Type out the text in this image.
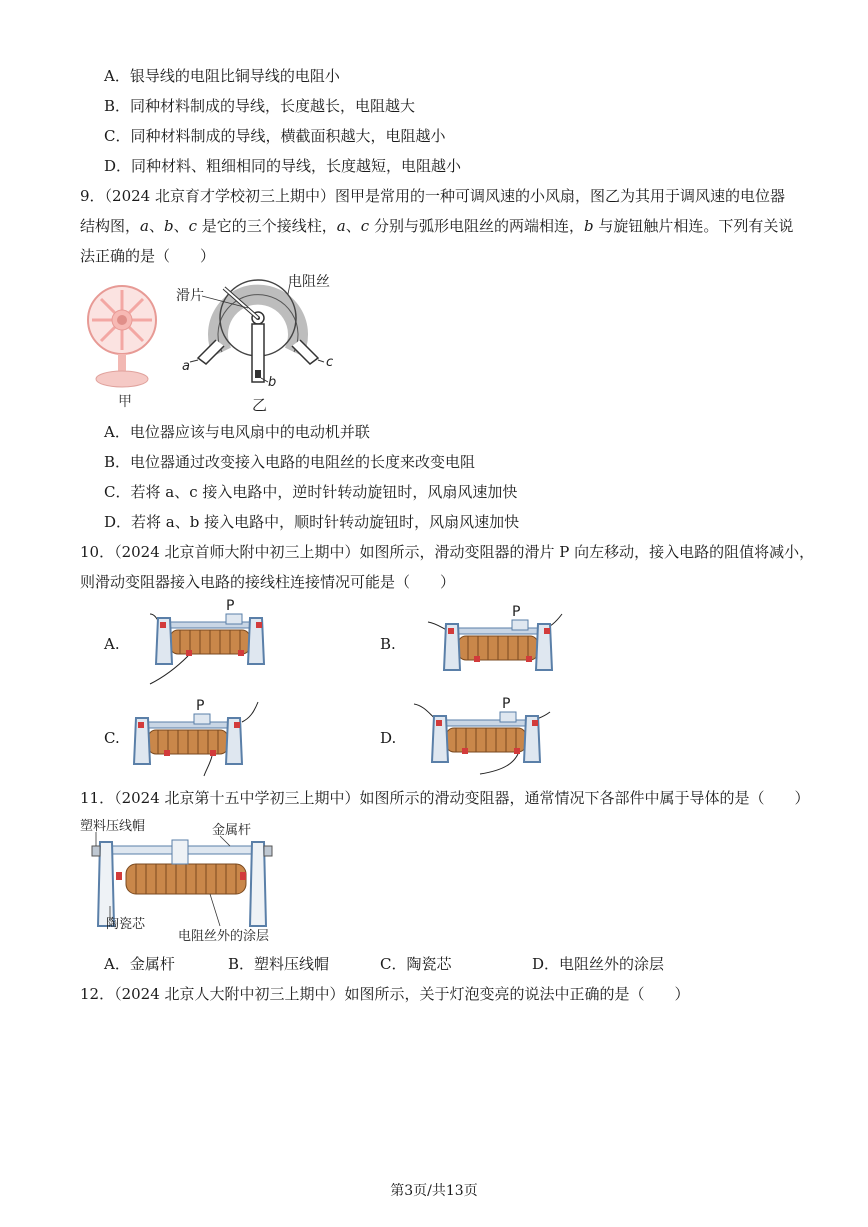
A．银导线的电阻比铜导线的电阻小
B．同种材料制成的导线，长度越长，电阻越大
C．同种材料制成的导线，横截面积越大，电阻越小
D．同种材料、粗细相同的导线，长度越短，电阻越小
9．（2024 北京育才学校初三上期中）图甲是常用的一种可调风速的小风扇，图乙为其用于调风速的电位器
结构图，a、b、c 是它的三个接线柱，a、c 分别与弧形电阻丝的两端相连，b 与旋钮触片相连。下列有关说
法正确的是（　　）
甲
滑片
电阻丝
a
b
c
乙
A．电位器应该与电风扇中的电动机并联
B．电位器通过改变接入电路的电阻丝的长度来改变电阻
C．若将 a、c 接入电路中，逆时针转动旋钮时，风扇风速加快
D．若将 a、b 接入电路中，顺时针转动旋钮时，风扇风速加快
10．（2024 北京首师大附中初三上期中）如图所示，滑动变阻器的滑片 P 向左移动，接入电路的阻值将减小，
则滑动变阻器接入电路的接线柱连接情况可能是（　　）
A.	B.
C.	D.
P	P
P	P
11．（2024 北京第十五中学初三上期中）如图所示的滑动变阻器，通常情况下各部件中属于导体的是（　　）
塑料压线帽	金属杆
陶瓷芯
电阻丝外的涂层
A．金属杆	B．塑料压线帽	C．陶瓷芯	D．电阻丝外的涂层
12．（2024 北京人大附中初三上期中）如图所示，关于灯泡变亮的说法中正确的是（　　）
第3页/共13页
